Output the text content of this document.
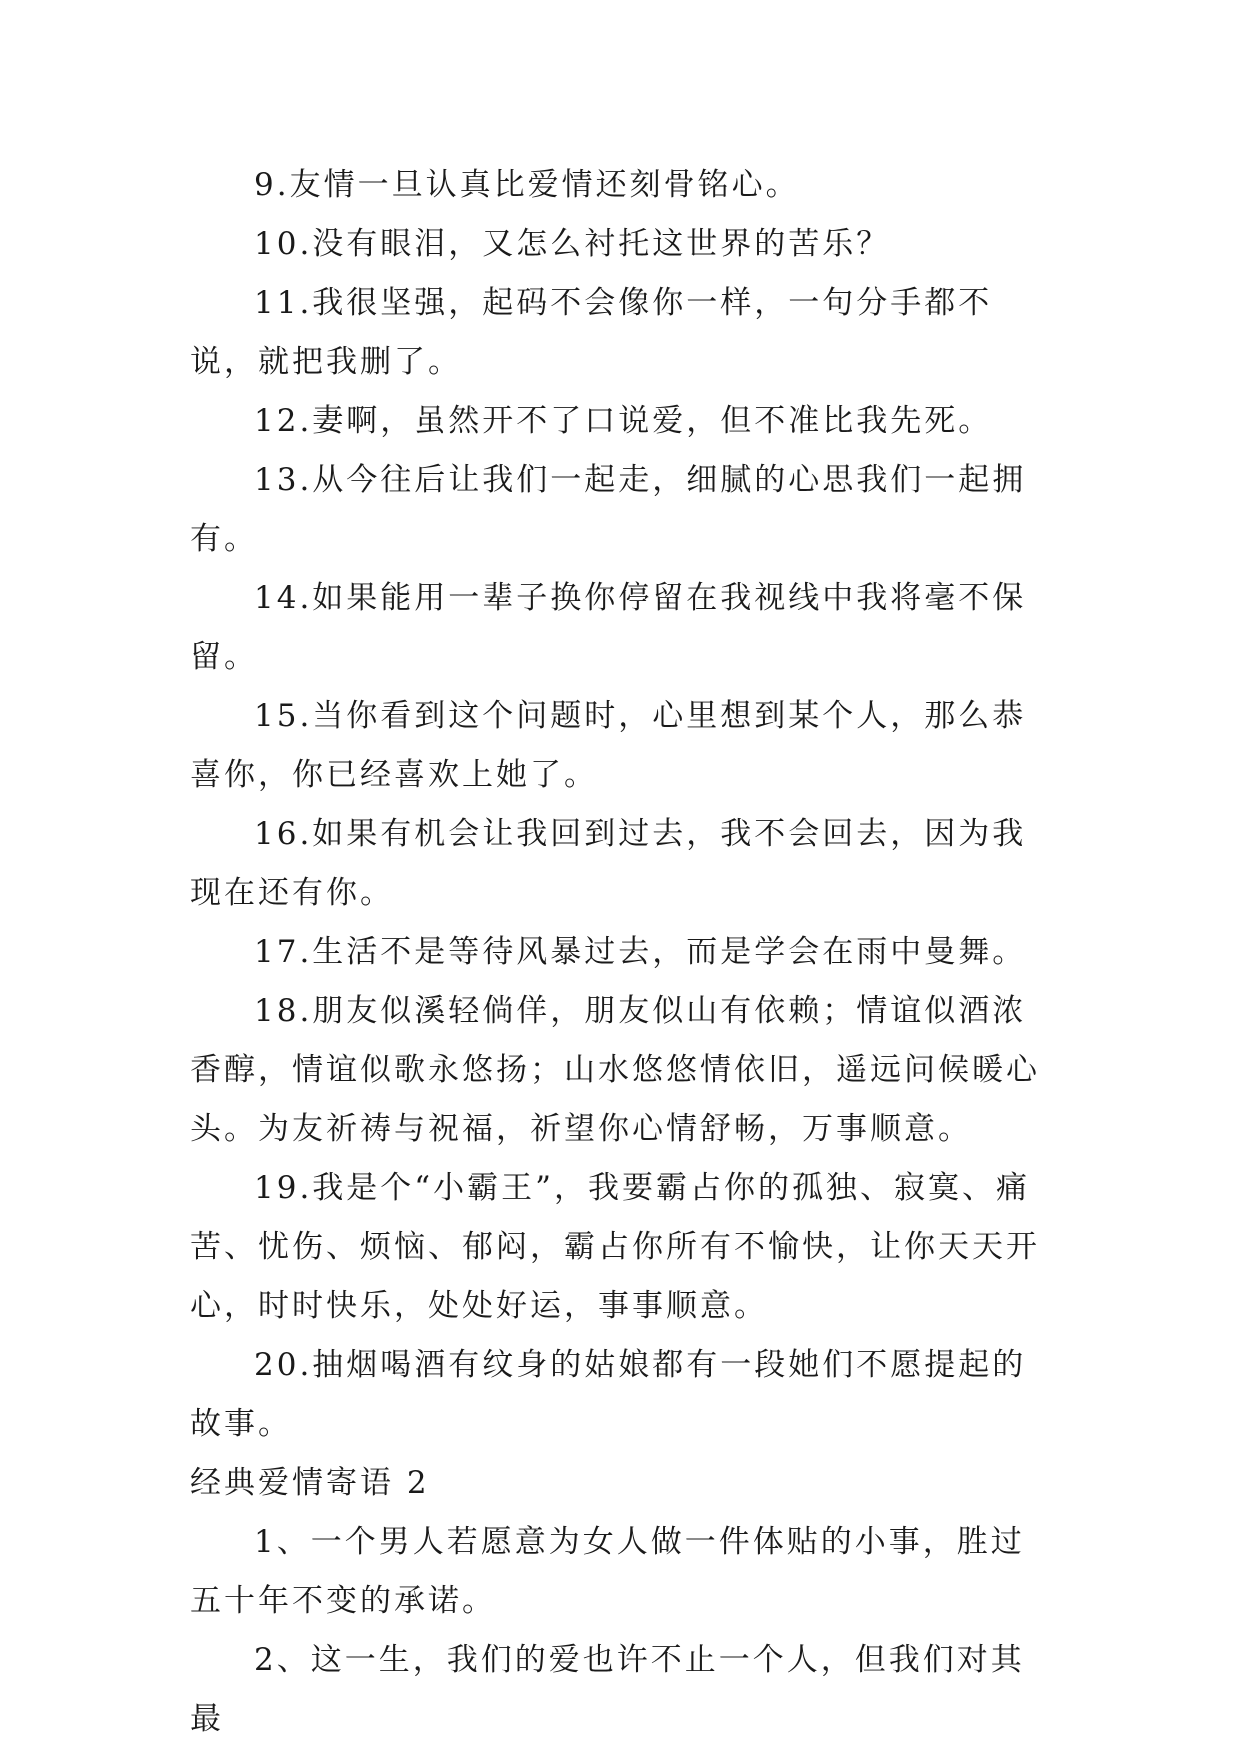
9.友情一旦认真比爱情还刻骨铭心。

10.没有眼泪，又怎么衬托这世界的苦乐？

11.我很坚强，起码不会像你一样，一句分手都不说，就把我删了。

12.妻啊，虽然开不了口说爱，但不准比我先死。

13.从今往后让我们一起走，细腻的心思我们一起拥有。

14.如果能用一辈子换你停留在我视线中我将毫不保留。

15.当你看到这个问题时，心里想到某个人，那么恭喜你，你已经喜欢上她了。

16.如果有机会让我回到过去，我不会回去，因为我现在还有你。

17.生活不是等待风暴过去，而是学会在雨中曼舞。

18.朋友似溪轻倘佯，朋友似山有依赖；情谊似酒浓香醇，情谊似歌永悠扬；山水悠悠情依旧，遥远问候暖心头。为友祈祷与祝福，祈望你心情舒畅，万事顺意。

19.我是个“小霸王”，我要霸占你的孤独、寂寞、痛苦、忧伤、烦恼、郁闷，霸占你所有不愉快，让你天天开心，时时快乐，处处好运，事事顺意。

20.抽烟喝酒有纹身的姑娘都有一段她们不愿提起的故事。

经典爱情寄语 2

1、一个男人若愿意为女人做一件体贴的小事，胜过五十年不变的承诺。

2、这一生，我们的爱也许不止一个人，但我们对其最
